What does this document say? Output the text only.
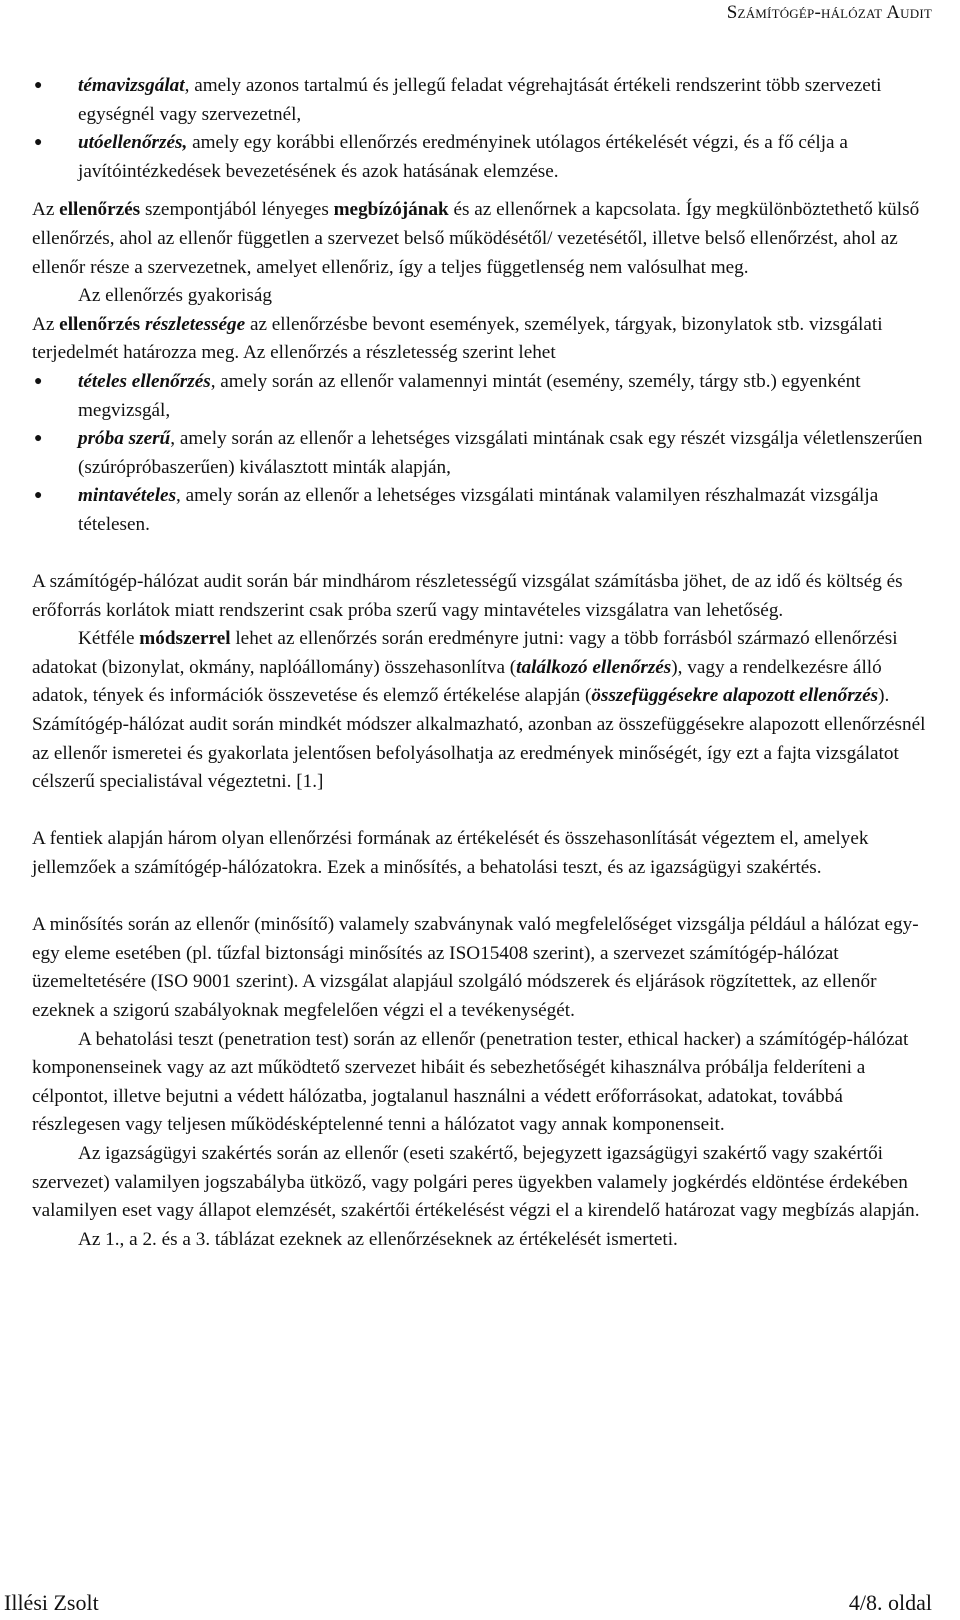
Számítógép-hálózat Audit
● témavizsgálat, amely azonos tartalmú és jellegű feladat végrehajtását értékeli rendszerint több szervezeti egységnél vagy szervezetnél,
● utóellenőrzés, amely egy korábbi ellenőrzés eredményinek utólagos értékelését végzi, és a fő célja a javítóintézkedések bevezetésének és azok hatásának elemzése.

Az ellenőrzés szempontjából lényeges megbízójának és az ellenőrnek a kapcsolata. Így megkülönböztethető külső ellenőrzés, ahol az ellenőr független a szervezet belső működésétől/ vezetésétől, illetve belső ellenőrzést, ahol az ellenőr része a szervezetnek, amelyet ellenőriz, így a teljes függetlenség nem valósulhat meg.

Az ellenőrzés gyakoriság

Az ellenőrzés részletessége az ellenőrzésbe bevont események, személyek, tárgyak, bizonylatok stb. vizsgálati terjedelmét határozza meg. Az ellenőrzés a részletesség szerint lehet

● tételes ellenőrzés, amely során az ellenőr valamennyi mintát (esemény, személy, tárgy stb.) egyenként megvizsgál,
● próba szerű, amely során az ellenőr a lehetséges vizsgálati mintának csak egy részét vizsgálja véletlenszerűen (szúrópróbaszerűen) kiválasztott minták alapján,
● mintavételes, amely során az ellenőr a lehetséges vizsgálati mintának valamilyen részhalmazát vizsgálja tételesen.

A számítógép-hálózat audit során bár mindhárom részletességű vizsgálat számításba jöhet, de az idő és költség és erőforrás korlátok miatt rendszerint csak próba szerű vagy mintavételes vizsgálatra van lehetőség.

Kétféle módszerrel lehet az ellenőrzés során eredményre jutni: vagy a több forrásból származó ellenőrzési adatokat (bizonylat, okmány, naplóállomány) összehasonlítva (találkozó ellenőrzés), vagy a rendelkezésre álló adatok, tények és információk összevetése és elemző értékelése alapján (összefüggésekre alapozott ellenőrzés). Számítógép-hálózat audit során mindkét módszer alkalmazható, azonban az összefüggésekre alapozott ellenőrzésnél az ellenőr ismeretei és gyakorlata jelentősen befolyásolhatja az eredmények minőségét, így ezt a fajta vizsgálatot célszerű specialistával végeztetni. [1.]

A fentiek alapján három olyan ellenőrzési formának az értékelését és összehasonlítását végeztem el, amelyek jellemzőek a számítógép-hálózatokra. Ezek a minősítés, a behatolási teszt, és az igazságügyi szakértés.

A minősítés során az ellenőr (minősítő) valamely szabványnak való megfelelőséget vizsgálja például a hálózat egy-egy eleme esetében (pl. tűzfal biztonsági minősítés az ISO15408 szerint), a szervezet számítógép-hálózat üzemeltetésére (ISO 9001 szerint). A vizsgálat alapjául szolgáló módszerek és eljárások rögzítettek, az ellenőr ezeknek a szigorú szabályoknak megfelelően végzi el a tevékenységét.

A behatolási teszt (penetration test) során az ellenőr (penetration tester, ethical hacker) a számítógép-hálózat komponenseinek vagy az azt működtető szervezet hibáit és sebezhetőségét kihasználva próbálja felderíteni a célpontot, illetve bejutni a védett hálózatba, jogtalanul használni a védett erőforrásokat, adatokat, továbbá részlegesen vagy teljesen működésképtelenné tenni a hálózatot vagy annak komponenseit.

Az igazságügyi szakértés során az ellenőr (eseti szakértő, bejegyzett igazságügyi szakértő vagy szakértői szervezet) valamilyen jogszabályba ütköző, vagy polgári peres ügyekben valamely jogkérdés eldöntése érdekében valamilyen eset vagy állapot elemzését, szakértői értékelésést végzi el a kirendelő határozat vagy megbízás alapján.

Az 1., a 2. és a 3. táblázat ezeknek az ellenőrzéseknek az értékelését ismerteti.

Illési Zsolt	4/8. oldal
